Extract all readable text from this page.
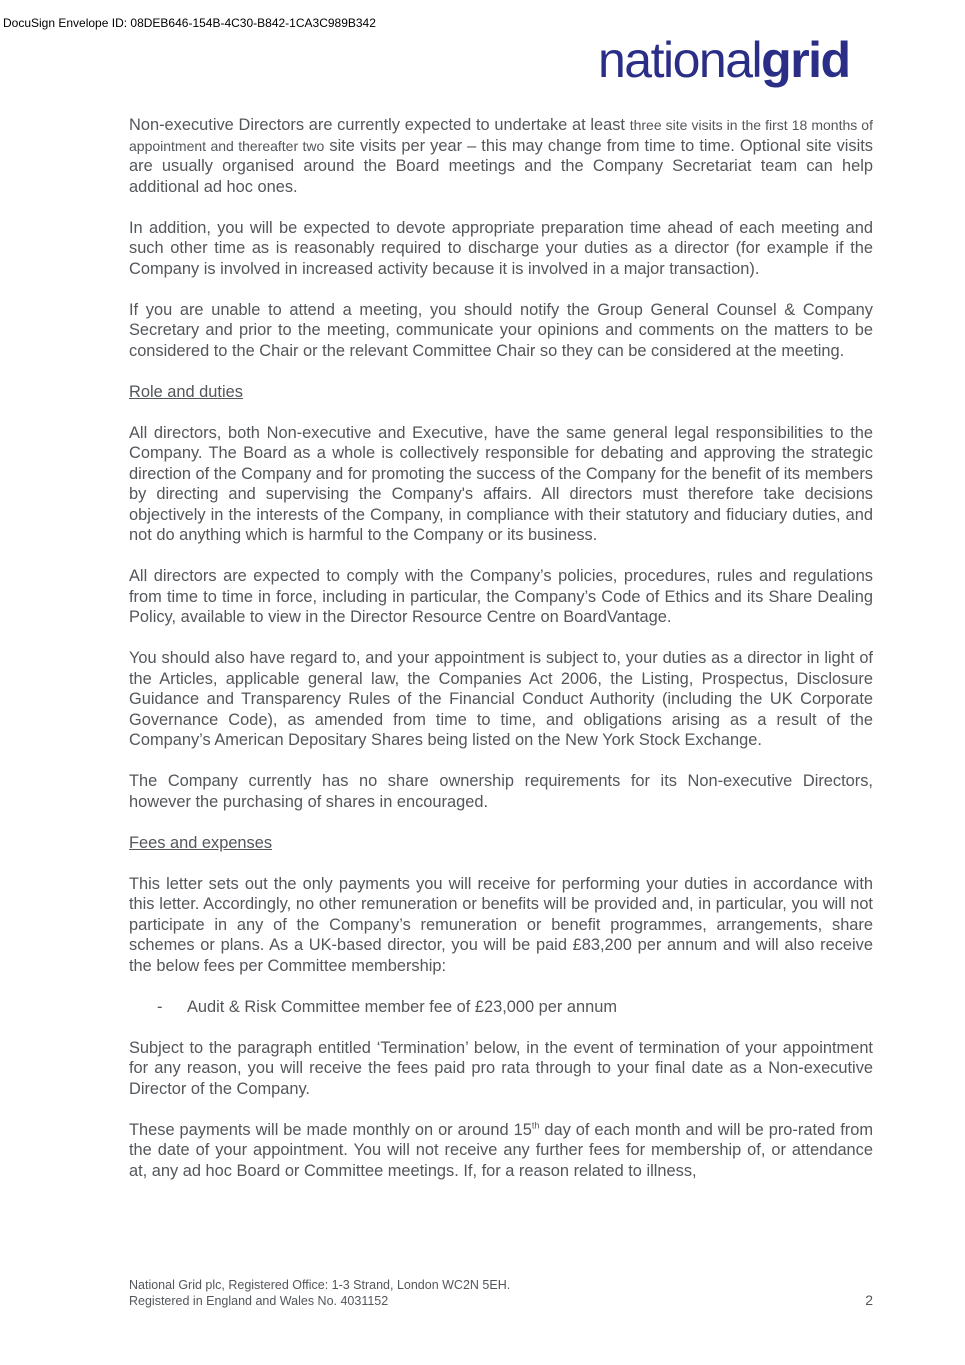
DocuSign Envelope ID: 08DEB646-154B-4C30-B842-1CA3C989B342
nationalgrid

Non-executive Directors are currently expected to undertake at least three site visits in the first 18 months of appointment and thereafter two site visits per year – this may change from time to time. Optional site visits are usually organised around the Board meetings and the Company Secretariat team can help additional ad hoc ones.

In addition, you will be expected to devote appropriate preparation time ahead of each meeting and such other time as is reasonably required to discharge your duties as a director (for example if the Company is involved in increased activity because it is involved in a major transaction).

If you are unable to attend a meeting, you should notify the Group General Counsel & Company Secretary and prior to the meeting, communicate your opinions and comments on the matters to be considered to the Chair or the relevant Committee Chair so they can be considered at the meeting.

Role and duties

All directors, both Non-executive and Executive, have the same general legal responsibilities to the Company. The Board as a whole is collectively responsible for debating and approving the strategic direction of the Company and for promoting the success of the Company for the benefit of its members by directing and supervising the Company's affairs. All directors must therefore take decisions objectively in the interests of the Company, in compliance with their statutory and fiduciary duties, and not do anything which is harmful to the Company or its business.

All directors are expected to comply with the Company’s policies, procedures, rules and regulations from time to time in force, including in particular, the Company’s Code of Ethics and its Share Dealing Policy, available to view in the Director Resource Centre on BoardVantage.

You should also have regard to, and your appointment is subject to, your duties as a director in light of the Articles, applicable general law, the Companies Act 2006, the Listing, Prospectus, Disclosure Guidance and Transparency Rules of the Financial Conduct Authority (including the UK Corporate Governance Code), as amended from time to time, and obligations arising as a result of the Company’s American Depositary Shares being listed on the New York Stock Exchange.

The Company currently has no share ownership requirements for its Non-executive Directors, however the purchasing of shares in encouraged.

Fees and expenses

This letter sets out the only payments you will receive for performing your duties in accordance with this letter. Accordingly, no other remuneration or benefits will be provided and, in particular, you will not participate in any of the Company’s remuneration or benefit programmes, arrangements, share schemes or plans. As a UK-based director, you will be paid £83,200 per annum and will also receive the below fees per Committee membership:

-	Audit & Risk Committee member fee of £23,000 per annum

Subject to the paragraph entitled ‘Termination’ below, in the event of termination of your appointment for any reason, you will receive the fees paid pro rata through to your final date as a Non-executive Director of the Company.

These payments will be made monthly on or around 15th day of each month and will be pro-rated from the date of your appointment. You will not receive any further fees for membership of, or attendance at, any ad hoc Board or Committee meetings. If, for a reason related to illness,

National Grid plc, Registered Office: 1-3 Strand, London WC2N 5EH.
Registered in England and Wales No. 4031152	2
